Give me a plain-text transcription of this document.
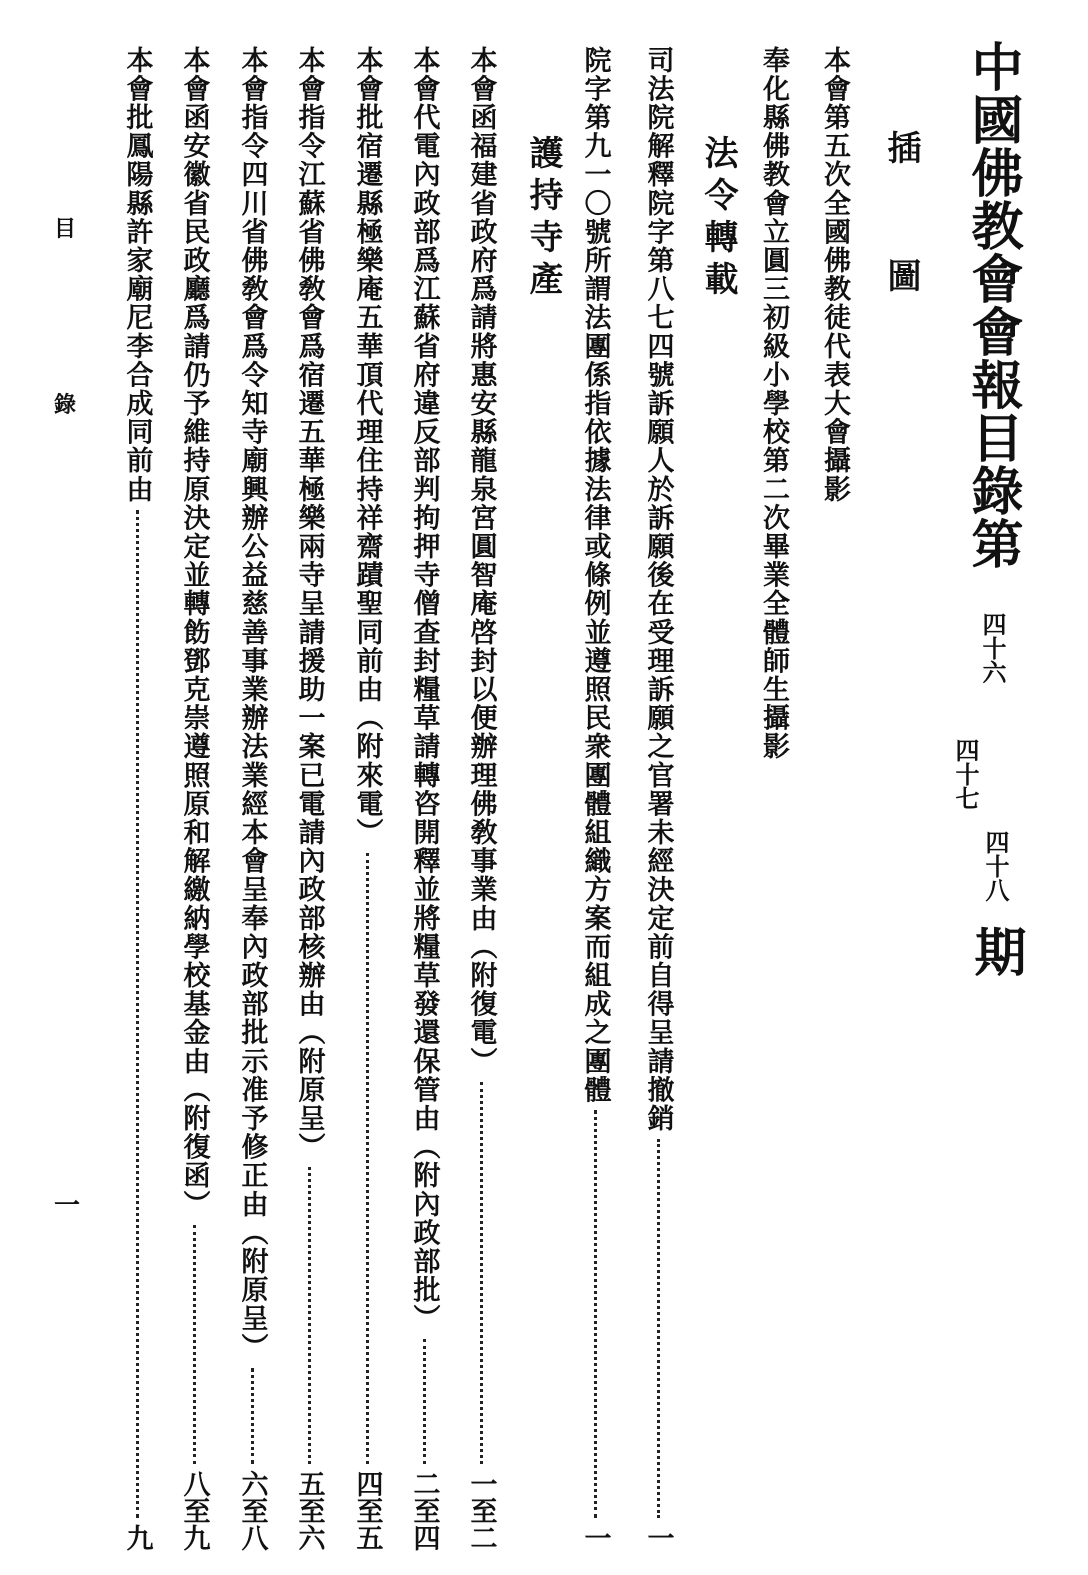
中國佛教會會報目錄第
四十六
四十七
四十八
期
插　圖
本會第五次全國佛教徒代表大會攝影
奉化縣佛教會立圓三初級小學校第二次畢業全體師生攝影
法令轉載
司法院解釋院字第八七四號訴願人於訴願後在受理訴願之官署未經決定前自得呈請撤銷
一
院字第九一〇號所謂法團係指依據法律或條例並遵照民衆團體組織方案而組成之團體
一
護持寺產
本會函福建省政府爲請將惠安縣龍泉宮圓智庵啓封以便辦理佛敎事業由（附復電）
一至二
本會代電內政部爲江蘇省府違反部判拘押寺僧查封糧草請轉咨開釋並將糧草發還保管由（附內政部批）
二至四
本會批宿遷縣極樂庵五華頂代理住持祥齋蹟聖同前由（附來電）
四至五
本會指令江蘇省佛敎會爲宿遷五華極樂兩寺呈請援助一案已電請內政部核辦由（附原呈）
五至六
本會指令四川省佛敎會爲令知寺廟興辦公益慈善事業辦法業經本會呈奉內政部批示准予修正由（附原呈）
六至八
本會函安徽省民政廳爲請仍予維持原決定並轉飭鄧克崇遵照原和解繳納學校基金由（附復函）
八至九
本會批鳳陽縣許家廟尼李合成同前由
九
目
錄
一
